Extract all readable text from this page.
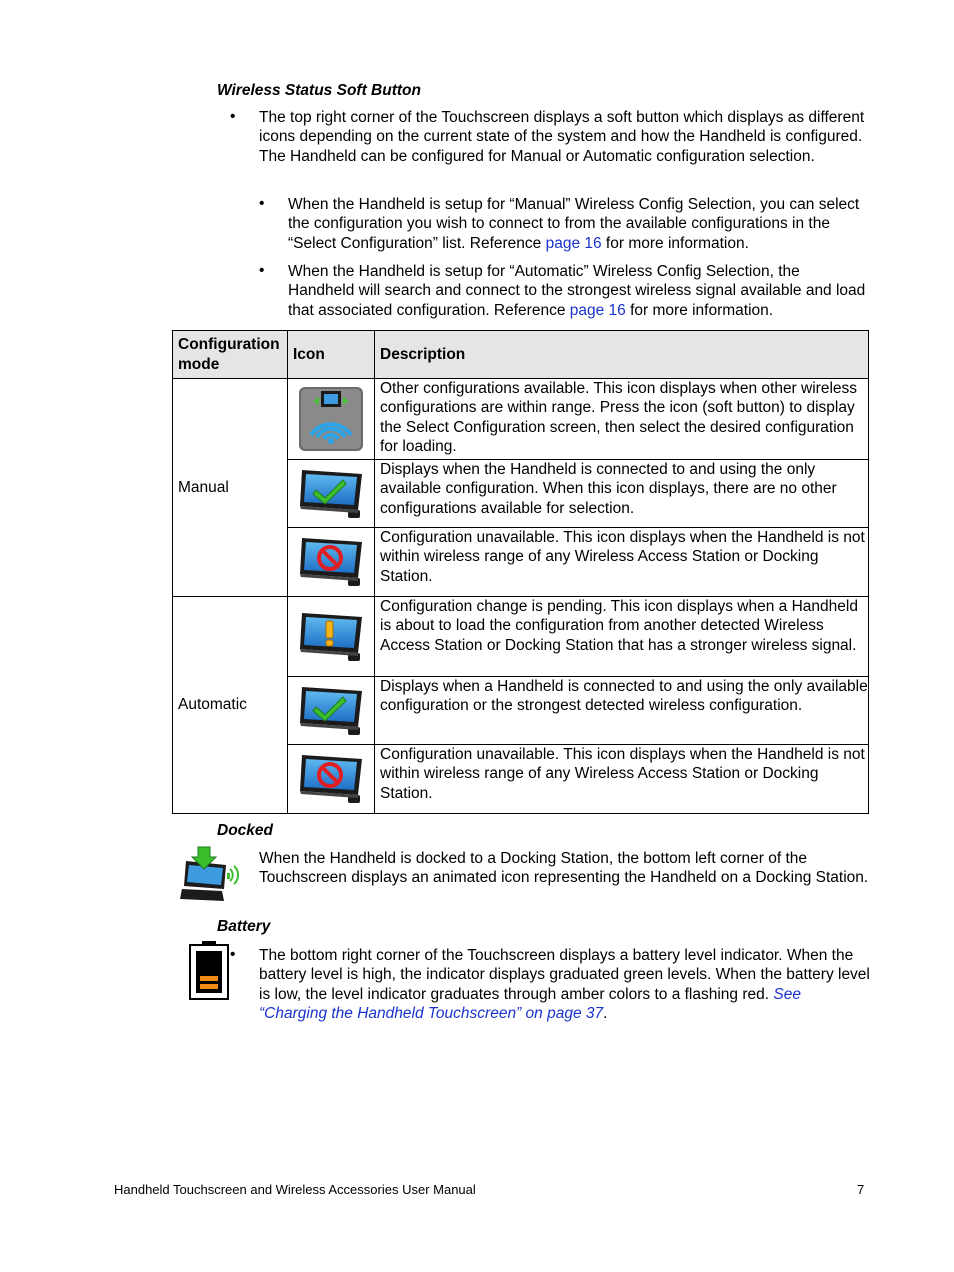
Wireless Status Soft Button
• The top right corner of the Touchscreen displays a soft button which displays as different icons depending on the current state of the system and how the Handheld is configured. The Handheld can be configured for Manual or Automatic configuration selection.
• When the Handheld is setup for “Manual” Wireless Config Selection, you can select the configuration you wish to connect to from the available configurations in the “Select Configuration” list. Reference page 16 for more information.
• When the Handheld is setup for “Automatic” Wireless Config Selection, the Handheld will search and connect to the strongest wireless signal available and load that associated configuration. Reference page 16 for more information.
Configuration mode	Icon	Description
Manual		Other configurations available. This icon displays when other wireless configurations are within range. Press the icon (soft button) to display the Select Configuration screen, then select the desired configuration for loading.

	Displays when the Handheld is connected to and using the only available configuration. When this icon displays, there are no other configurations available for selection.

	Configuration unavailable. This icon displays when the Handheld is not within wireless range of any Wireless Access Station or Docking Station.
Automatic		Configuration change is pending. This icon displays when a Handheld is about to load the configuration from another detected Wireless Access Station or Docking Station that has a stronger wireless signal.

	Displays when a Handheld is connected to and using the only available configuration or the strongest detected wireless configuration.

	Configuration unavailable. This icon displays when the Handheld is not within wireless range of any Wireless Access Station or Docking Station.
Docked
When the Handheld is docked to a Docking Station, the bottom left corner of the Touchscreen displays an animated icon representing the Handheld on a Docking Station.
Battery
• The bottom right corner of the Touchscreen displays a battery level indicator. When the battery level is high, the indicator displays graduated green levels. When the battery level is low, the level indicator graduates through amber colors to a flashing red. See “Charging the Handheld Touchscreen” on page 37.
Handheld Touchscreen and Wireless Accessories User Manual	7
